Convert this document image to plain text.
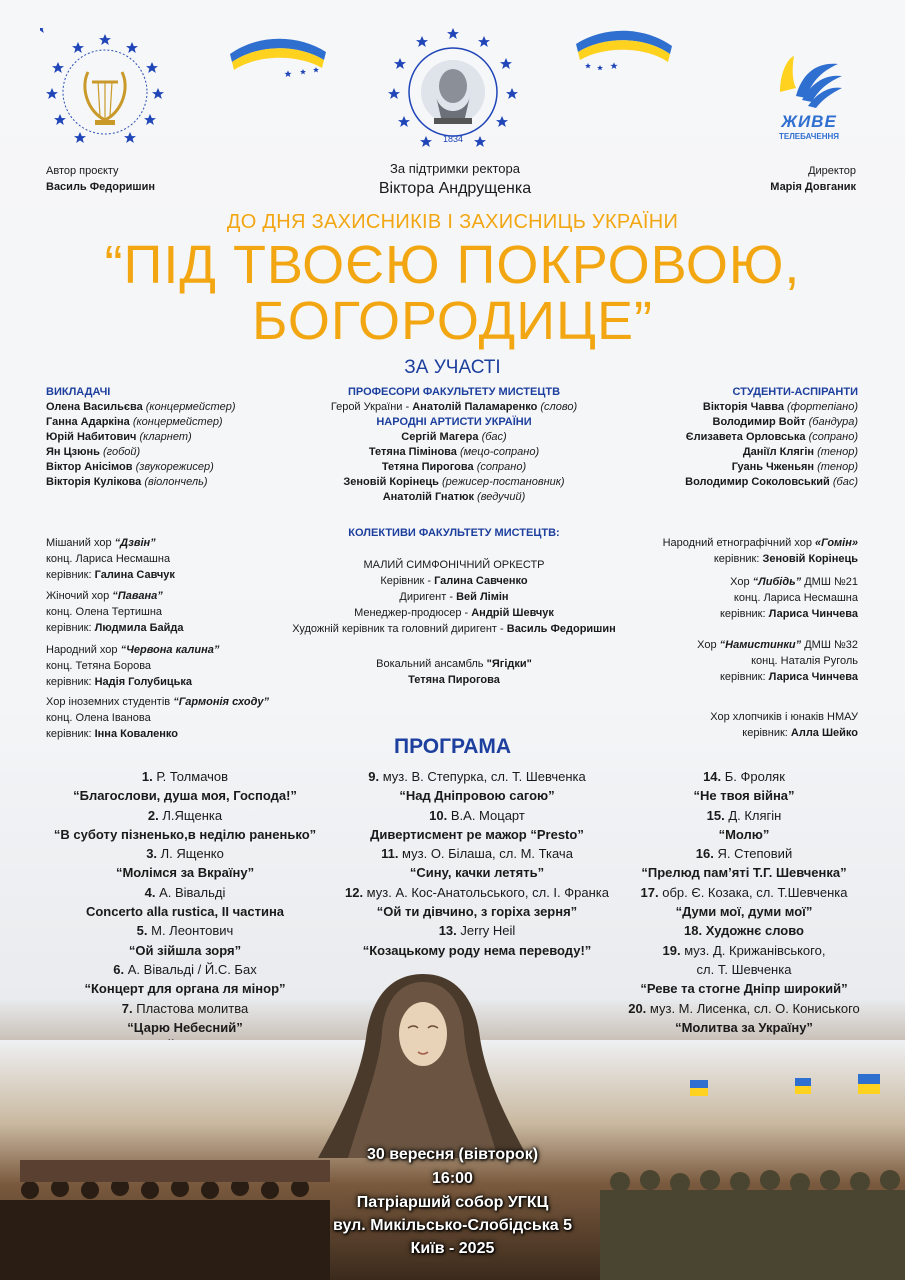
1834
ЖИВЕ
ТЕЛЕБАЧЕННЯ
Автор проєкту
Василь Федоришин
За підтримки ректора
Віктора Андрущенка
Директор
Марія Довганик
ДО ДНЯ ЗАХИСНИКІВ І ЗАХИСНИЦЬ УКРАЇНИ
“ПІД ТВОЄЮ ПОКРОВОЮ,
БОГОРОДИЦЕ”
ЗА УЧАСТІ
ВИКЛАДАЧІ
Олена Васильєва (концермейстер)
Ганна Адаркіна (концермейстер)
Юрій Набитович (кларнет)
Ян Цзюнь (гобой)
Віктор Анісімов (звукорежисер)
Вікторія Кулікова (віолончель)
ПРОФЕСОРИ ФАКУЛЬТЕТУ МИСТЕЦТВ
Герой України - Анатолій Паламаренко (слово)
НАРОДНІ АРТИСТИ УКРАЇНИ
Сергій Магера (бас)
Тетяна Пімінова (мецо-сопрано)
Тетяна Пирогова (сопрано)
Зеновій Корінець (режисер-постановник)
Анатолій Гнатюк (ведучий)
СТУДЕНТИ-АСПІРАНТИ
Вікторія Чавва (фортепіано)
Володимир Войт (бандура)
Єлизавета Орловська (сопрано)
Даніїл Клягін (тенор)
Гуань Чженьян (тенор)
Володимир Соколовський (бас)
КОЛЕКТИВИ ФАКУЛЬТЕТУ МИСТЕЦТВ:
МАЛИЙ СИМФОНІЧНИЙ ОРКЕСТР
Керівник - Галина Савченко
Диригент - Вей Лімін
Менеджер-продюсер - Андрій Шевчук
Художній керівник та головний диригент - Василь Федоришин
Вокальний ансамбль "Ягідки"
Тетяна Пирогова
Мішаний хор “Дзвін”
конц. Лариса Несмашна
керівник: Галина Савчук
Жіночий хор “Павана”
конц. Олена Тертишна
керівник: Людмила Байда
Народний хор “Червона калина”
конц. Тетяна Борова
керівник: Надія Голубицька
Хор іноземних студентів “Гармонія сходу”
конц. Олена Іванова
керівник: Інна Коваленко
Народний етнографічний хор «Гомін»
керівник: Зеновій Корінець
Хор “Либідь” ДМШ №21
конц. Лариса Несмашна
керівник: Лариса Чинчева
Хор “Намистинки” ДМШ №32
конц. Наталія Руголь
керівник: Лариса Чинчева
Хор хлопчиків і юнаків НМАУ
керівник: Алла Шейко
ПРОГРАМА
1. Р. Толмачов
“Благослови, душа моя, Господа!”
2. Л.Ященка
“В суботу пізненько,в неділю раненько”
3. Л. Ященко
“Молімся за Вкраїну”
4. А. Вівальді
Concerto alla rustica, II частина
5. М. Леонтович
“Ой зійшла зоря”
6. А. Вівальді / Й.С. Бах
“Концерт для органа ля мінор”
7. Пластова молитва
“Царю Небесний”
9. муз. В. Степурка, сл. Т. Шевченка
“Над Дніпровою сагою”
10. В.А. Моцарт
Дивертисмент ре мажор “Presto”
11. муз. О. Білаша, сл. М. Ткача
“Сину, качки летять”
12. муз. А. Кос-Анатольського, сл. І. Франка
“Ой ти дівчино, з горіха зерня”
13. Jerry Heil
“Козацькому роду нема переводу!”
14. Б. Фроляк
“Не твоя війна”
15. Д. Клягін
“Молю”
16. Я. Степовий
“Прелюд пам’яті Т.Г. Шевченка”
17. обр. Є. Козака, сл. Т.Шевченка
“Думи мої, думи мої”
18. Художнє слово
19. муз. Д. Крижанівського,
сл. Т. Шевченка
“Реве та стогне Дніпр широкий”
20. муз. М. Лисенка, сл. О. Кониського
“Молитва за Україну”
30 вересня (вівторок)
16:00
Патріарший собор УГКЦ
вул. Микільсько-Слобідська 5
Київ - 2025
